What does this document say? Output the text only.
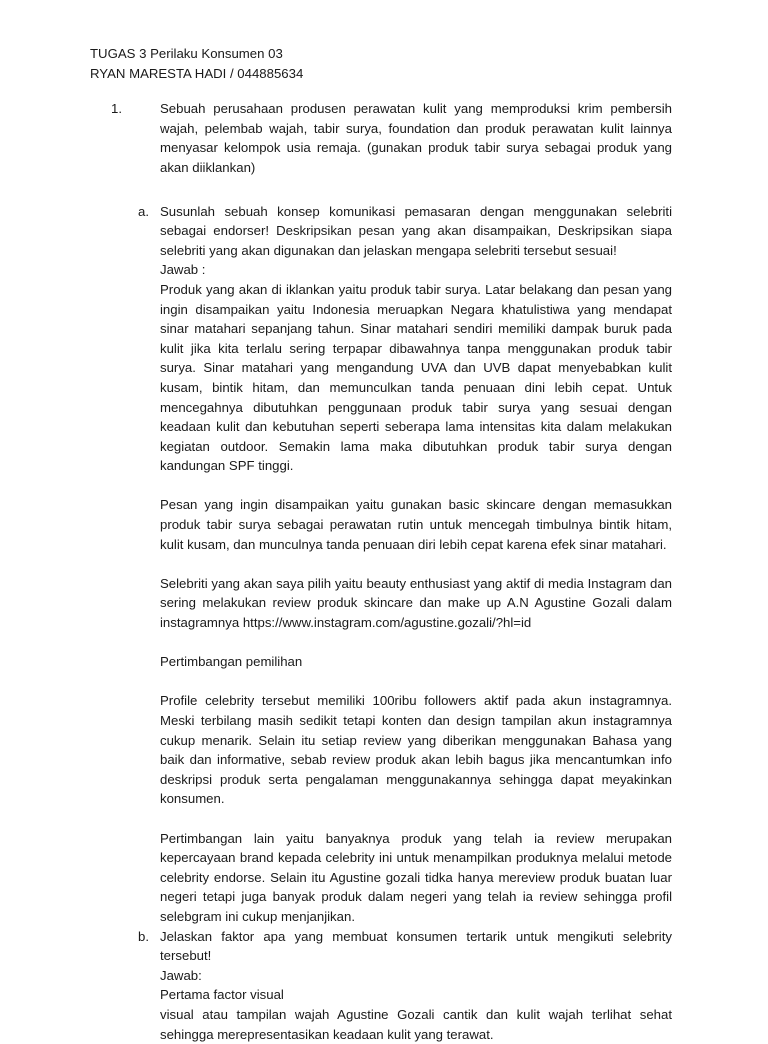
TUGAS 3 Perilaku Konsumen 03

RYAN MARESTA HADI / 044885634

1.	Sebuah perusahaan produsen perawatan kulit yang memproduksi krim pembersih wajah, pelembab wajah, tabir surya, foundation dan produk perawatan kulit lainnya menyasar kelompok usia remaja. (gunakan produk tabir surya sebagai produk yang akan diiklankan)

a. Susunlah sebuah konsep komunikasi pemasaran dengan menggunakan selebriti sebagai endorser! Deskripsikan pesan yang akan disampaikan, Deskripsikan siapa selebriti yang akan digunakan dan jelaskan mengapa selebriti tersebut sesuai!

Jawab :

Produk yang akan di iklankan yaitu produk tabir surya. Latar belakang dan pesan yang ingin disampaikan yaitu Indonesia meruapkan Negara khatulistiwa yang mendapat sinar matahari sepanjang tahun. Sinar matahari sendiri memiliki dampak buruk pada kulit jika kita terlalu sering terpapar dibawahnya tanpa menggunakan produk tabir surya. Sinar matahari yang mengandung UVA dan UVB dapat menyebabkan kulit kusam, bintik hitam, dan memunculkan tanda penuaan dini lebih cepat. Untuk mencegahnya dibutuhkan penggunaan produk tabir surya yang sesuai dengan keadaan kulit dan kebutuhan seperti seberapa lama intensitas kita dalam melakukan kegiatan outdoor. Semakin lama maka dibutuhkan produk tabir surya dengan kandungan SPF tinggi.

Pesan yang ingin disampaikan yaitu gunakan basic skincare dengan memasukkan produk tabir surya sebagai perawatan rutin untuk mencegah timbulnya bintik hitam, kulit kusam, dan munculnya tanda penuaan diri lebih cepat karena efek sinar matahari.

Selebriti yang akan saya pilih yaitu beauty enthusiast yang aktif di media Instagram dan sering melakukan review produk skincare dan make up A.N Agustine Gozali dalam instagramnya https://www.instagram.com/agustine.gozali/?hl=id

Pertimbangan pemilihan

Profile celebrity tersebut memiliki 100ribu followers aktif pada akun instagramnya. Meski terbilang masih sedikit tetapi konten dan design tampilan akun instagramnya cukup menarik. Selain itu setiap review yang diberikan menggunakan Bahasa yang baik dan informative, sebab review produk akan lebih bagus jika mencantumkan info deskripsi produk serta pengalaman menggunakannya sehingga dapat meyakinkan konsumen.

Pertimbangan lain yaitu banyaknya produk yang telah ia review merupakan kepercayaan brand kepada celebrity ini untuk menampilkan produknya melalui metode celebrity endorse. Selain itu Agustine gozali tidka hanya mereview produk buatan luar negeri tetapi juga banyak produk dalam negeri yang telah ia review sehingga profil selebgram ini cukup menjanjikan.

b. Jelaskan faktor apa yang membuat konsumen tertarik untuk mengikuti selebrity tersebut!

Jawab:

Pertama factor visual

visual atau tampilan wajah Agustine Gozali cantik dan kulit wajah terlihat sehat sehingga merepresentasikan keadaan kulit yang terawat.
